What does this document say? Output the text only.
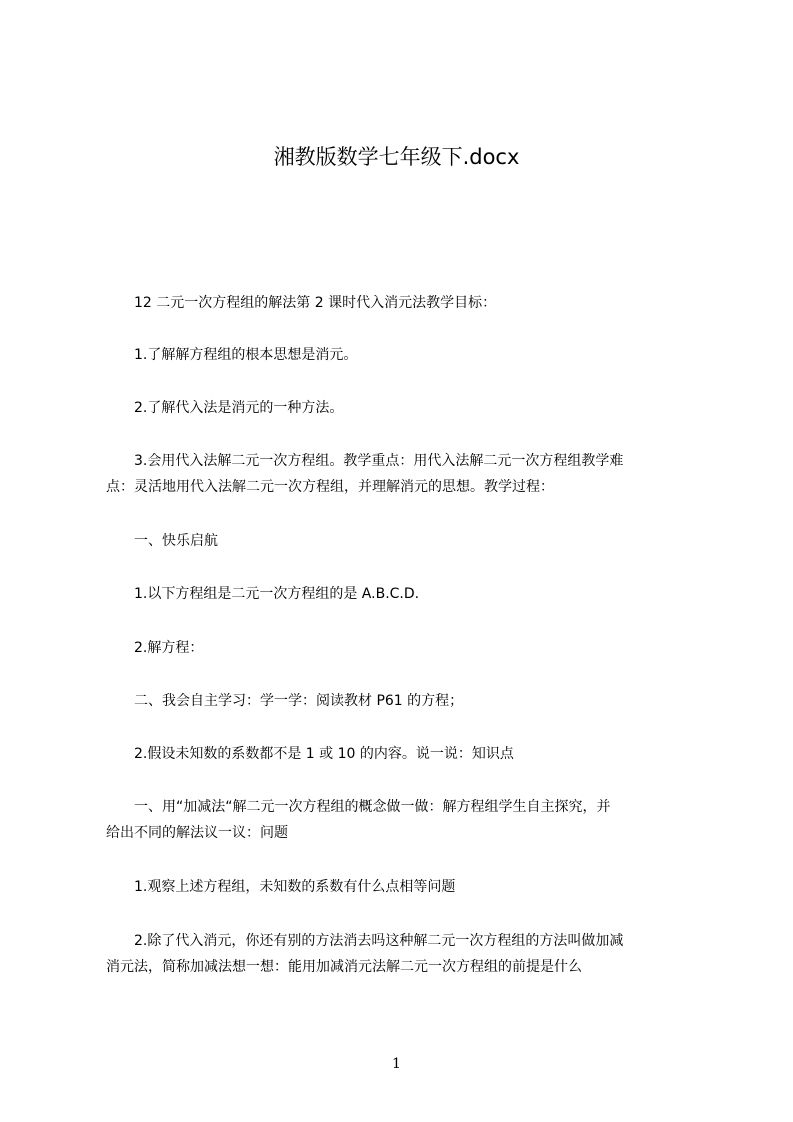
湘教版数学七年级下.docx
12 二元一次方程组的解法第 2 课时代入消元法教学目标：
1.了解解方程组的根本思想是消元。
2.了解代入法是消元的一种方法。
3.会用代入法解二元一次方程组。教学重点：用代入法解二元一次方程组教学难
点：灵活地用代入法解二元一次方程组，并理解消元的思想。教学过程：
一、快乐启航
1.以下方程组是二元一次方程组的是 A.B.C.D.
2.解方程：
二、我会自主学习：学一学：阅读教材 P61 的方程；
2.假设未知数的系数都不是 1 或 10 的内容。说一说：知识点
一、用“加减法“解二元一次方程组的概念做一做：解方程组学生自主探究，并
给出不同的解法议一议：问题
1.观察上述方程组，未知数的系数有什么点相等问题
2.除了代入消元，你还有别的方法消去吗这种解二元一次方程组的方法叫做加减
消元法，简称加减法想一想：能用加减消元法解二元一次方程组的前提是什么
1
